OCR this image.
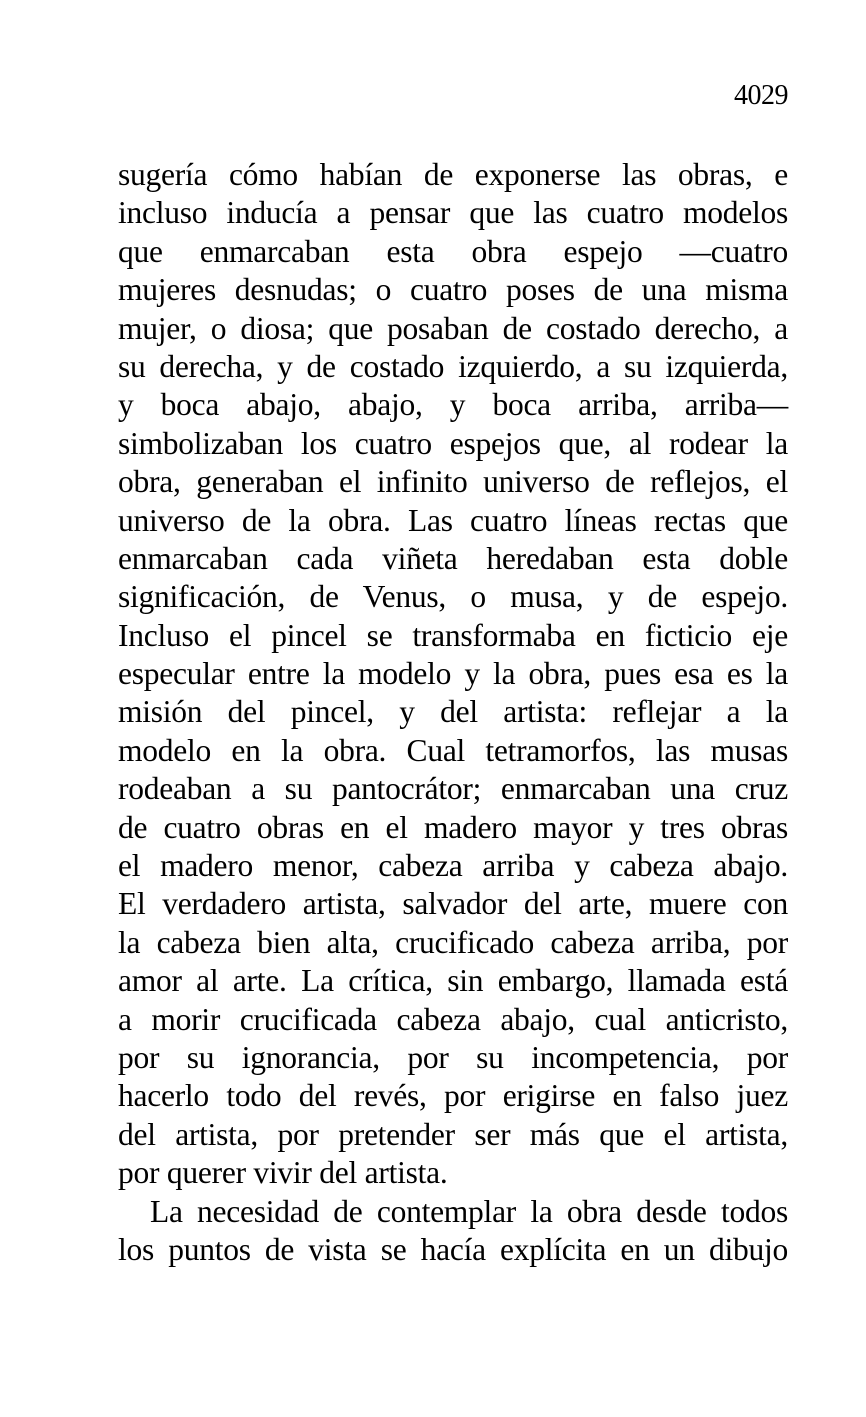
4029
sugería cómo habían de exponerse las obras, e
incluso inducía a pensar que las cuatro modelos
que enmarcaban esta obra espejo —cuatro
mujeres desnudas; o cuatro poses de una misma
mujer, o diosa; que posaban de costado derecho, a
su derecha, y de costado izquierdo, a su izquierda,
y boca abajo, abajo, y boca arriba, arriba—
simbolizaban los cuatro espejos que, al rodear la
obra, generaban el infinito universo de reflejos, el
universo de la obra. Las cuatro líneas rectas que
enmarcaban cada viñeta heredaban esta doble
significación, de Venus, o musa, y de espejo.
Incluso el pincel se transformaba en ficticio eje
especular entre la modelo y la obra, pues esa es la
misión del pincel, y del artista: reflejar a la
modelo en la obra. Cual tetramorfos, las musas
rodeaban a su pantocrátor; enmarcaban una cruz
de cuatro obras en el madero mayor y tres obras
el madero menor, cabeza arriba y cabeza abajo.
El verdadero artista, salvador del arte, muere con
la cabeza bien alta, crucificado cabeza arriba, por
amor al arte. La crítica, sin embargo, llamada está
a morir crucificada cabeza abajo, cual anticristo,
por su ignorancia, por su incompetencia, por
hacerlo todo del revés, por erigirse en falso juez
del artista, por pretender ser más que el artista,
por querer vivir del artista.
La necesidad de contemplar la obra desde todos
los puntos de vista se hacía explícita en un dibujo
